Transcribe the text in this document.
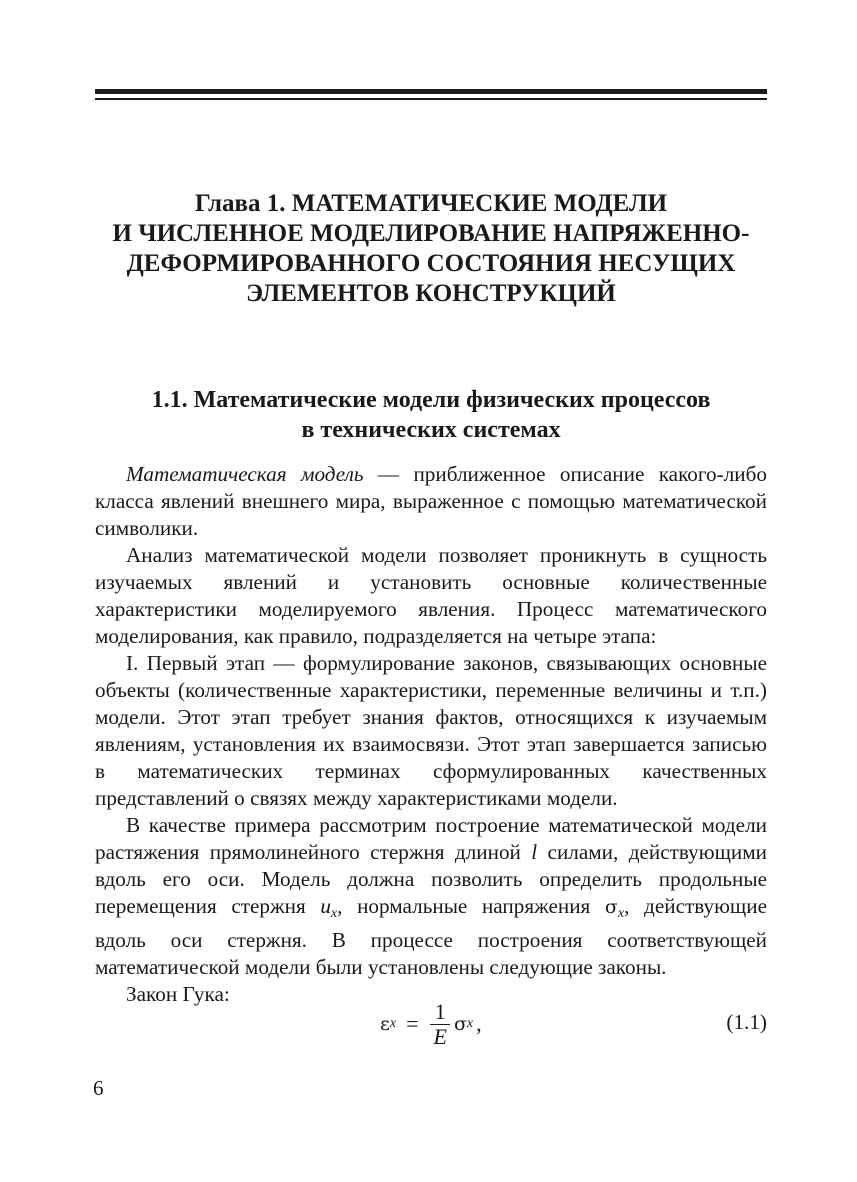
Глава 1. МАТЕМАТИЧЕСКИЕ МОДЕЛИ
И ЧИСЛЕННОЕ МОДЕЛИРОВАНИЕ НАПРЯЖЕННО-
ДЕФОРМИРОВАННОГО СОСТОЯНИЯ НЕСУЩИХ
ЭЛЕМЕНТОВ КОНСТРУКЦИЙ
1.1. Математические модели физических процессов
в технических системах

Математическая модель — приближенное описание какого-либо класса явлений внешнего мира, выраженное с помощью математической символики.

Анализ математической модели позволяет проникнуть в сущность изучаемых явлений и установить основные количественные характеристики моделируемого явления. Процесс математического моделирования, как правило, подразделяется на четыре этапа:

I. Первый этап — формулирование законов, связывающих основные объекты (количественные характеристики, переменные величины и т.п.) модели. Этот этап требует знания фактов, относящихся к изучаемым явлениям, установления их взаимосвязи. Этот этап завершается записью в математических терминах сформулированных качественных представлений о связях между характеристиками модели.

В качестве примера рассмотрим построение математической модели растяжения прямолинейного стержня длиной l силами, действующими вдоль его оси. Модель должна позволить определить продольные перемещения стержня $u_x$, нормальные напряжения $\sigma_x$, действующие вдоль оси стержня. В процессе построения соответствующей математической модели были установлены следующие законы.

Закон Гука:

ε $x = \frac{1}{E}$ σ x ,	(1.1)
6
